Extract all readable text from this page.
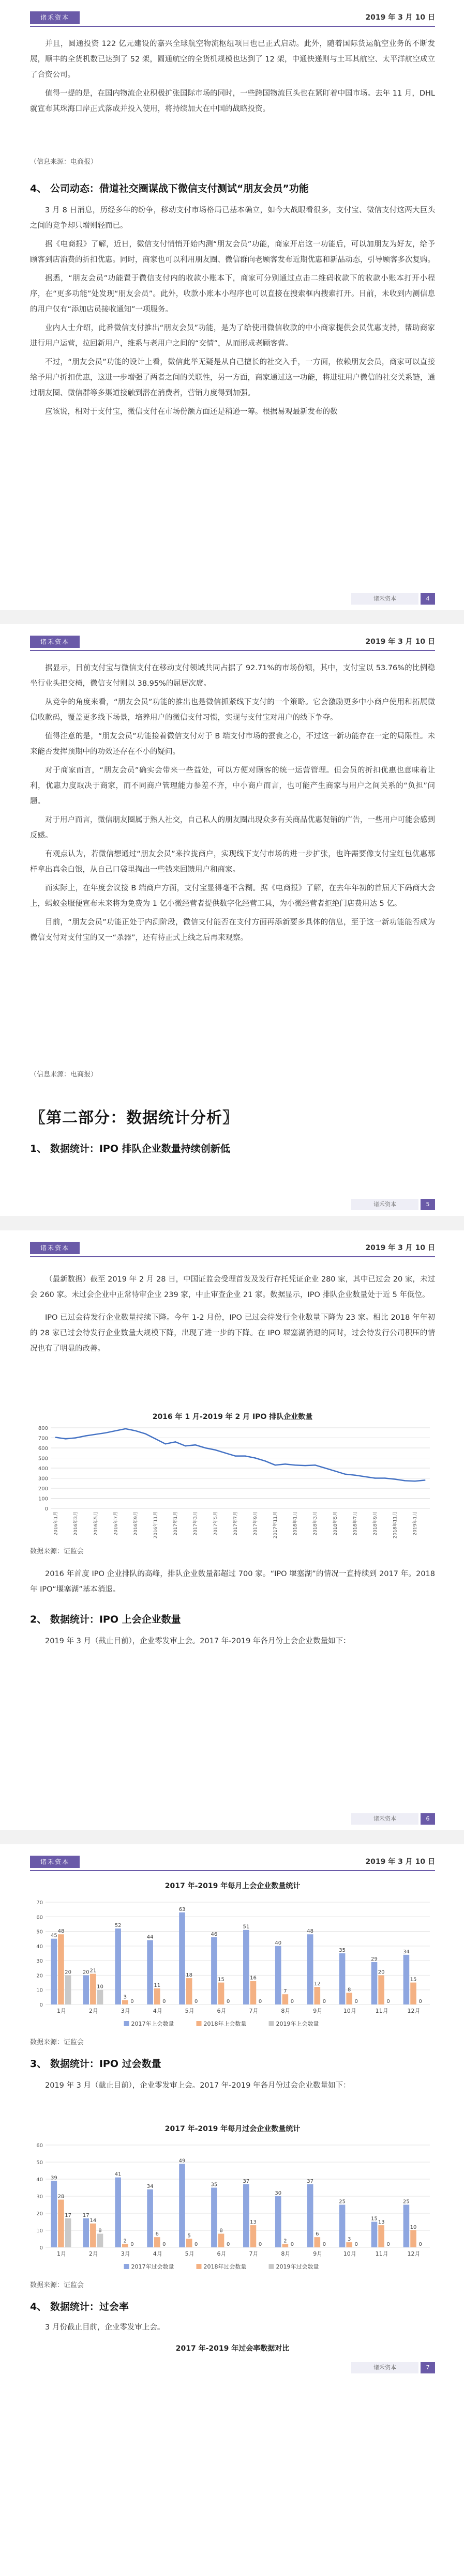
诸禾资本	2019 年 3 月 10 日

并且，圆通投资 122 亿元建设的嘉兴全球航空物流枢纽项目也已正式启动。此外，随着国际货运航空业务的不断发展，顺丰的全货机数已达到了 52 架，圆通航空的全货机规模也达到了 12 架，中通快递则与土耳其航空、太平洋航空成立了合资公司。

值得一提的是，在国内物流企业积极扩张国际市场的同时，一些跨国物流巨头也在紧盯着中国市场。去年 11 月，DHL 就宣布其珠海口岸正式落成并投入使用，将持续加大在中国的战略投资。

（信息来源：电商报）
4、 公司动态：借道社交圈谋战下微信支付测试“朋友会员”功能

3 月 8 日消息，历经多年的纷争，移动支付市场格局已基本确立，如今大战眼看很多，支付宝、微信支付这两大巨头之间的竞争却只增则轻而已。

据《电商报》了解，近日，微信支付悄悄开始内测“朋友会员”功能，商家开启这一功能后，可以加朋友为好友，给予顾客到店消费的折扣优惠。同时，商家也可以利用朋友圈、微信群向老顾客发布近期优惠和新品动态，引导顾客多次复购。

据悉，“朋友会员”功能置于微信支付内的收款小账本下，商家可分别通过点击二维码收款下的收款小账本打开小程序，在“更多功能”处发现“朋友会员”。此外，收款小账本小程序也可以直接在搜索框内搜索打开。目前，未收到内测信息的用户仅有“添加店员接收通知”一项服务。

业内人士介绍，此番微信支付推出“朋友会员”功能，是为了给使用微信收款的中小商家提供会员优惠支持，帮助商家进行用户运营，拉回新用户，维系与老用户之间的“交情”，从而形成老顾客营。

不过，“朋友会员”功能的设计上看，微信此举无疑是从自己擅长的社交入手，一方面，依赖朋友会员，商家可以直接给予用户折扣优惠，这进一步增强了两者之间的关联性，另一方面，商家通过这一功能，将进驻用户微信的社交关系链，通过朋友圈、微信群等多渠道接触到潜在消费者，营销力度得到加强。

应该说，相对于支付宝，微信支付在市场份额方面还是稍逊一筹。根据易观最新发布的数

诸禾资本	4
诸禾资本	2019 年 3 月 10 日

据显示，目前支付宝与微信支付在移动支付领域共同占据了 92.71%的市场份额，其中，支付宝以 53.76%的比例稳坐行业头把交椅，微信支付则以 38.95%的屈居次席。

从竞争的角度来看，“朋友会员”功能的推出也是微信抓紧线下支付的一个策略。它会激励更多中小商户使用和拓展微信收款码，覆盖更多线下场景，培养用户的微信支付习惯，实现与支付宝对用户的线下争夺。

值得注意的是，“朋友会员”功能接着微信支付对于 B 端支付市场的蚕食之心，不过这一新功能存在一定的局限性。未来能否发挥预期中的功效还存在不小的疑问。

对于商家而言，“朋友会员”确实会带来一些益处，可以方便对顾客的统一运营管理。但会员的折扣优惠也意味着让利，优惠力度取决于商家，而不同商户管理能力参差不齐，中小商户而言，也可能产生商家与用户之间关系的“负担”问题。

对于用户而言，微信朋友圈属于熟人社交，自己私人的朋友圈出现众多有关商品优惠促销的广告，一些用户可能会感到反感。

有观点认为，若微信想通过“朋友会员”来拉拢商户，实现线下支付市场的进一步扩张，也许需要像支付宝红包优惠那样拿出真金白银，从自己口袋里掏出一些钱来回馈用户和商家。

而实际上，在年度会议接 B 端商户方面，支付宝显得毫不含糊。据《电商报》了解，在去年年初的首届天下码商大会上，蚂蚁金服便宣布未来将为免费为 1 亿小微经营者提供数字化经营工具，为小微经营者拒绝门店费用达 5 亿。

目前，“朋友会员”功能正处于内测阶段，微信支付能否在支付方面再添新要多具体的信息，至于这一新功能能否成为微信支付对支付宝的又一“杀器”，还有待正式上线之后再来观察。

（信息来源：电商报）
〖第二部分：数据统计分析〗
1、 数据统计：IPO 排队企业数量持续创新低
诸禾资本	5
诸禾资本	2019 年 3 月 10 日

（最新数据）截至 2019 年 2 月 28 日，中国证监会受理首发及发行存托凭证企业 280 家，其中已过会 20 家，未过会 260 家。未过会企业中正常待审企业 239 家，中止审查企业 21 家。数据显示，IPO 排队企业数量处于近 5 年低位。

IPO 已过会待发行企业数量持续下降。今年 1-2 月份，IPO 已过会待发行企业数量下降为 23 家。相比 2018 年年初的 28 家已过会待发行企业数量大规模下降，出现了进一步的下降。在 IPO 堰塞湖消退的同时，过会待发行公司积压的情况也有了明显的改善。

2016 年 1 月-2019 年 2 月 IPO 排队企业数量
0
100
200
300
400
500
600
700
800
2016年1月	2016年3月	2016年5月	2016年7月	2016年9月	2016年11月	2017年1月	2017年3月	2017年5月	2017年7月	2017年9月	2017年11月	2018年1月	2018年3月	2018年5月	2018年7月	2018年9月	2018年11月	2019年1月
数据来源：证监会

2016 年首度 IPO 企业排队的高峰，排队企业数量都超过 700 家。“IPO 堰塞湖”的情况一直持续到 2017 年。2018 年 IPO“堰塞湖”基本消退。

2、 数据统计：IPO 上会企业数量

2019 年 3 月（截止目前），企业零发审上会。2017 年-2019 年各月份上会企业数量如下：

诸禾资本	6
诸禾资本	2019 年 3 月 10 日
2017 年-2019 年每月上会企业数量统计
0
10
20
30
40
50
60
70
1月
45
48
20
2月
20 21
10
3月
52
3
0
4月
44
11
0
5月
63
18
0
6月
46
15
0
7月
51
16
0
8月
40
7
0
9月
48
12
0
10月
35
8
0
11月
29
20
0
12月
34
15
0
2017年上会数量	2018年上会数量	2019年上会数量
数据来源：证监会
3、 数据统计：IPO 过会数量

2019 年 3 月（截止目前），企业零发审上会。2017 年-2019 年各月份过会企业数量如下：

2017 年-2019 年每月过会企业数量统计
0
10
20
30
40
50
60
1月
39
28
17
2月
17
14
8
3月
41
2
0
4月
34
6
0
5月
49
5
0
6月
35
8
0
7月
37
13
0
8月
30
2
0
9月
37
6
0
10月
25
3
0
11月
15
13
0
12月
25
10
0
2017年过会数量	2018年过会数量	2019年过会数量
数据来源：证监会
4、 数据统计：过会率

3 月份截止目前，企业零发审上会。

2017 年-2019 年过会率数据对比
诸禾资本	7
